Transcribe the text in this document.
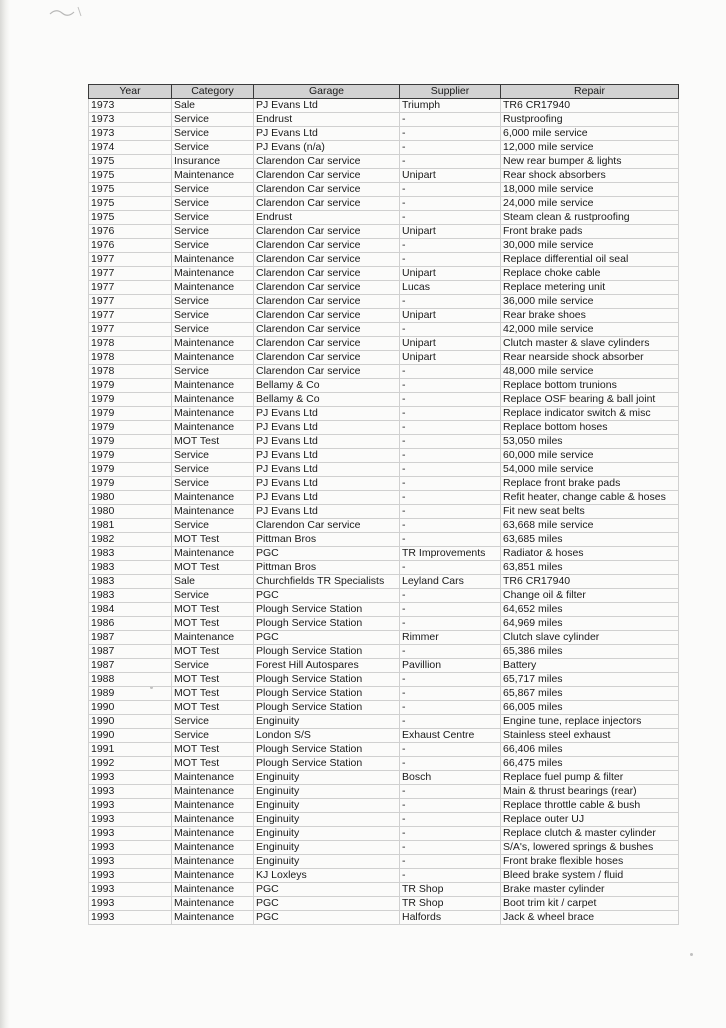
Year	Category	Garage	Supplier	Repair
1973	Sale	PJ Evans Ltd	Triumph	TR6 CR17940
1973	Service	Endrust	-	Rustproofing
1973	Service	PJ Evans Ltd	-	6,000 mile service
1974	Service	PJ Evans (n/a)	-	12,000 mile service
1975	Insurance	Clarendon Car service	-	New rear bumper & lights
1975	Maintenance	Clarendon Car service	Unipart	Rear shock absorbers
1975	Service	Clarendon Car service	-	18,000 mile service
1975	Service	Clarendon Car service	-	24,000 mile service
1975	Service	Endrust	-	Steam clean & rustproofing
1976	Service	Clarendon Car service	Unipart	Front brake pads
1976	Service	Clarendon Car service	-	30,000 mile service
1977	Maintenance	Clarendon Car service	-	Replace differential oil seal
1977	Maintenance	Clarendon Car service	Unipart	Replace choke cable
1977	Maintenance	Clarendon Car service	Lucas	Replace metering unit
1977	Service	Clarendon Car service	-	36,000 mile service
1977	Service	Clarendon Car service	Unipart	Rear brake shoes
1977	Service	Clarendon Car service	-	42,000 mile service
1978	Maintenance	Clarendon Car service	Unipart	Clutch master & slave cylinders
1978	Maintenance	Clarendon Car service	Unipart	Rear nearside shock absorber
1978	Service	Clarendon Car service	-	48,000 mile service
1979	Maintenance	Bellamy & Co	-	Replace bottom trunions
1979	Maintenance	Bellamy & Co	-	Replace OSF bearing & ball joint
1979	Maintenance	PJ Evans Ltd	-	Replace indicator switch & misc
1979	Maintenance	PJ Evans Ltd	-	Replace bottom hoses
1979	MOT Test	PJ Evans Ltd	-	53,050 miles
1979	Service	PJ Evans Ltd	-	60,000 mile service
1979	Service	PJ Evans Ltd	-	54,000 mile service
1979	Service	PJ Evans Ltd	-	Replace front brake pads
1980	Maintenance	PJ Evans Ltd	-	Refit heater, change cable & hoses
1980	Maintenance	PJ Evans Ltd	-	Fit new seat belts
1981	Service	Clarendon Car service	-	63,668 mile service
1982	MOT Test	Pittman Bros	-	63,685 miles
1983	Maintenance	PGC	TR Improvements	Radiator & hoses
1983	MOT Test	Pittman Bros	-	63,851 miles
1983	Sale	Churchfields TR Specialists	Leyland Cars	TR6 CR17940
1983	Service	PGC	-	Change oil & filter
1984	MOT Test	Plough Service Station	-	64,652 miles
1986	MOT Test	Plough Service Station	-	64,969 miles
1987	Maintenance	PGC	Rimmer	Clutch slave cylinder
1987	MOT Test	Plough Service Station	-	65,386 miles
1987	Service	Forest Hill Autospares	Pavillion	Battery
1988	MOT Test	Plough Service Station	-	65,717 miles
1989	MOT Test	Plough Service Station	-	65,867 miles
1990	MOT Test	Plough Service Station	-	66,005 miles
1990	Service	Enginuity	-	Engine tune, replace injectors
1990	Service	London S/S	Exhaust Centre	Stainless steel exhaust
1991	MOT Test	Plough Service Station	-	66,406 miles
1992	MOT Test	Plough Service Station	-	66,475 miles
1993	Maintenance	Enginuity	Bosch	Replace fuel pump & filter
1993	Maintenance	Enginuity	-	Main & thrust bearings (rear)
1993	Maintenance	Enginuity	-	Replace throttle cable & bush
1993	Maintenance	Enginuity	-	Replace outer UJ
1993	Maintenance	Enginuity	-	Replace clutch & master cylinder
1993	Maintenance	Enginuity	-	S/A's, lowered springs & bushes
1993	Maintenance	Enginuity	-	Front brake flexible hoses
1993	Maintenance	KJ Loxleys	-	Bleed brake system / fluid
1993	Maintenance	PGC	TR Shop	Brake master cylinder
1993	Maintenance	PGC	TR Shop	Boot trim kit / carpet
1993	Maintenance	PGC	Halfords	Jack & wheel brace
